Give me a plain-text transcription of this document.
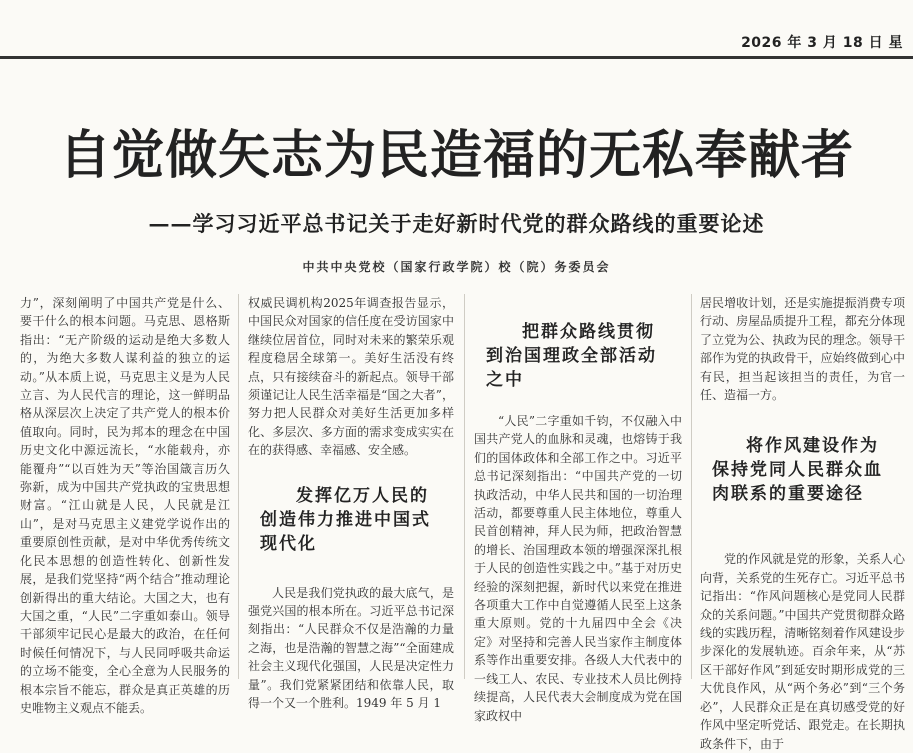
2026 年 3 月 18 日 星
自觉做矢志为民造福的无私奉献者
——学习习近平总书记关于走好新时代党的群众路线的重要论述
中共中央党校（国家行政学院）校（院）务委员会

力”，深刻阐明了中国共产党是什么、要干什么的根本问题。马克思、恩格斯指出：“无产阶级的运动是绝大多数人的，为绝大多数人谋利益的独立的运动。”从本质上说，马克思主义是为人民立言、为人民代言的理论，这一鲜明品格从深层次上决定了共产党人的根本价值取向。同时，民为邦本的理念在中国历史文化中源远流长，“水能载舟，亦能覆舟”“以百姓为天”等治国箴言历久弥新，成为中国共产党执政的宝贵思想财富。“江山就是人民，人民就是江山”，是对马克思主义建党学说作出的重要原创性贡献，是对中华优秀传统文化民本思想的创造性转化、创新性发展，是我们党坚持“两个结合”推动理论创新得出的重大结论。大国之大，也有大国之重，“人民”二字重如泰山。领导干部须牢记民心是最大的政治，在任何时候任何情况下，与人民同呼吸共命运的立场不能变，全心全意为人民服务的根本宗旨不能忘，群众是真正英雄的历史唯物主义观点不能丢。

权威民调机构2025年调查报告显示，中国民众对国家的信任度在受访国家中继续位居首位，同时对未来的繁荣乐观程度稳居全球第一。美好生活没有终点，只有接续奋斗的新起点。领导干部须谨记让人民生活幸福是“国之大者”，努力把人民群众对美好生活更加多样化、多层次、多方面的需求变成实实在在的获得感、幸福感、安全感。

发挥亿万人民的
创造伟力推进中国式
现代化

人民是我们党执政的最大底气，是强党兴国的根本所在。习近平总书记深刻指出：“人民群众不仅是浩瀚的力量之海，也是浩瀚的智慧之海”“全面建成社会主义现代化强国，人民是决定性力量”。我们党紧紧团结和依靠人民，取得一个又一个胜利。1949 年 5 月 1

把群众路线贯彻
到治国理政全部活动
之中

“人民”二字重如千钧，不仅融入中国共产党人的血脉和灵魂，也熔铸于我们的国体政体和全部工作之中。习近平总书记深刻指出：“中国共产党的一切执政活动，中华人民共和国的一切治理活动，都要尊重人民主体地位，尊重人民首创精神，拜人民为师，把政治智慧的增长、治国理政本领的增强深深扎根于人民的创造性实践之中。”基于对历史经验的深刻把握，新时代以来党在推进各项重大工作中自觉遵循人民至上这条重大原则。党的十九届四中全会《决定》对坚持和完善人民当家作主制度体系等作出重要安排。各级人大代表中的一线工人、农民、专业技术人员比例持续提高，人民代表大会制度成为党在国家政权中

居民增收计划，还是实施提振消费专项行动、房屋品质提升工程，都充分体现了立党为公、执政为民的理念。领导干部作为党的执政骨干，应始终做到心中有民，担当起该担当的责任，为官一任、造福一方。

将作风建设作为
保持党同人民群众血
肉联系的重要途径

党的作风就是党的形象，关系人心向背，关系党的生死存亡。习近平总书记指出：“作风问题核心是党同人民群众的关系问题。”中国共产党贯彻群众路线的实践历程，清晰铭刻着作风建设步步深化的发展轨迹。百余年来，从“苏区干部好作风”到延安时期形成党的三大优良作风，从“两个务必”到“三个务必”，人民群众正是在真切感受党的好作风中坚定听党话、跟党走。在长期执政条件下，由于
